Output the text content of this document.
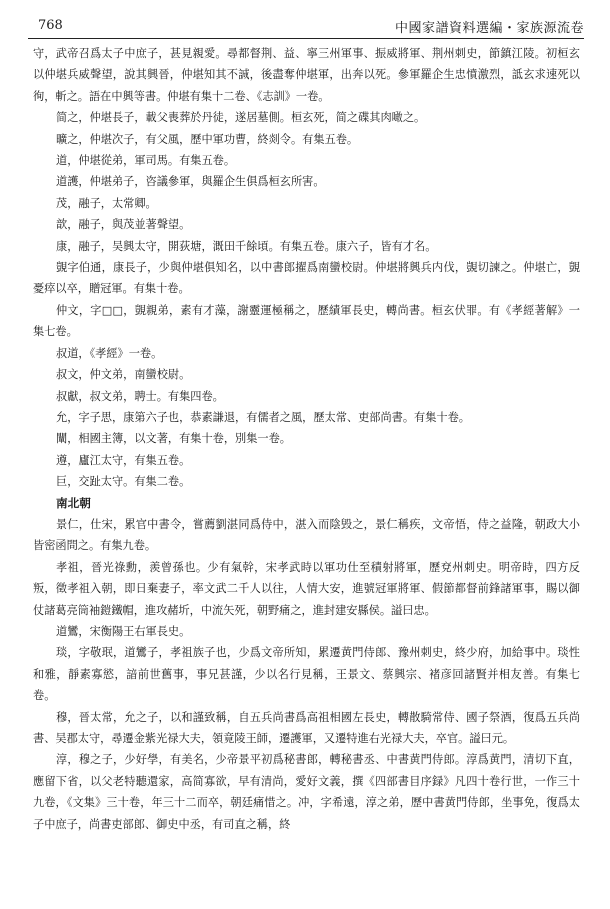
768	中國家譜資料選編・家族源流卷

守，武帝召爲太子中庶子，甚見親愛。尋都督荆、益、寧三州軍事、振威將軍、荆州刺史，節鎮江陵。初桓玄以仲堪兵威聲望，說其興晉，仲堪知其不誠，後盡奪仲堪軍，出奔以死。參軍羅企生忠憤激烈，詆玄求速死以徇，斬之。語在中興等書。仲堪有集十二卷、《志訓》一卷。

简之，仲堪長子，載父喪葬於丹徒，遂居墓側。桓玄死，简之碟其肉噉之。

曠之，仲堪次子，有父風，歷中軍功曹，終剡令。有集五卷。

道，仲堪從弟，軍司馬。有集五卷。

道護，仲堪弟子，咨議參軍，與羅企生俱爲桓玄所害。

茂，融子，太常卿。

歆，融子，與茂並著聲望。

康，融子，吴興太守，開荻塘，溉田千餘頃。有集五卷。康六子，皆有才名。

覬字伯通，康長子，少與仲堪俱知名，以中書郎擢爲南蠻校尉。仲堪將興兵内伐，覬切諫之。仲堪亡，覬憂瘁以卒，贈冠軍。有集十卷。

仲文，字□□，覬親弟，素有才藻，謝靈運極稱之，歷績軍長史，轉尚書。桓玄伏罪。有《孝經著解》一集七卷。

叔道，《孝經》一卷。

叔文，仲文弟，南蠻校尉。

叔獻，叔文弟，聘士。有集四卷。

允，字子思，康第六子也，恭素謙退，有儒者之風，歷太常、吏部尚書。有集十卷。

闡，相國主簿，以文著，有集十卷，別集一卷。

遵，廬江太守，有集五卷。

巨，交趾太守。有集二卷。

南北朝

景仁，仕宋，累官中書令，嘗薦劉湛同爲侍中，湛入而陰毁之，景仁稱疾，文帝悟，侍之益隆，朝政大小皆密函問之。有集九卷。

孝祖，晉光祿勳，羨曾孫也。少有氣幹，宋孝武時以軍功仕至積射將軍，歷兗州刺史。明帝時，四方反叛，徵孝祖入朝，即日棄妻子，率文武二千人以往，人情大安，進號冠軍將軍、假節都督前鋒諸軍事，賜以御仗諸葛亮筒袖鎧鐵帽，進攻赭圻，中流矢死，朝野痛之，進封建安縣侯。謚曰忠。

道鸞，宋衡陽王右軍長史。

琰，字敬珉，道鸞子，孝祖族子也，少爲文帝所知，累遷黄門侍郎、豫州刺史，終少府，加給事中。琰性和雅，靜素寡慾，諳前世舊事，事兄甚謹，少以名行見稱，王景文、蔡興宗、褚彦回諸賢并相友善。有集七卷。

穆，晉太常，允之子，以和謹致稱，自五兵尚書爲高祖相國左長史，轉散騎常侍、國子祭酒，復爲五兵尚書、吴郡太守，尋遷金紫光禄大夫，領竟陵王師，遷護軍，又遷特進右光禄大夫，卒官。謚曰元。

淳，穆之子，少好學，有美名，少帝景平初爲秘書郎，轉秘書丞、中書黄門侍郎。淳爲黄門，清切下直，應留下省，以父老特聽還家，高简寡欲，早有清尚，愛好文義，撰《四部書目序録》凡四十卷行世，一作三十九卷，《文集》三十卷，年三十二而卒，朝廷痛惜之。冲，字希遠，淳之弟，歷中書黄門侍郎，坐事免，復爲太子中庶子，尚書吏部郎、御史中丞，有司直之稱，終
